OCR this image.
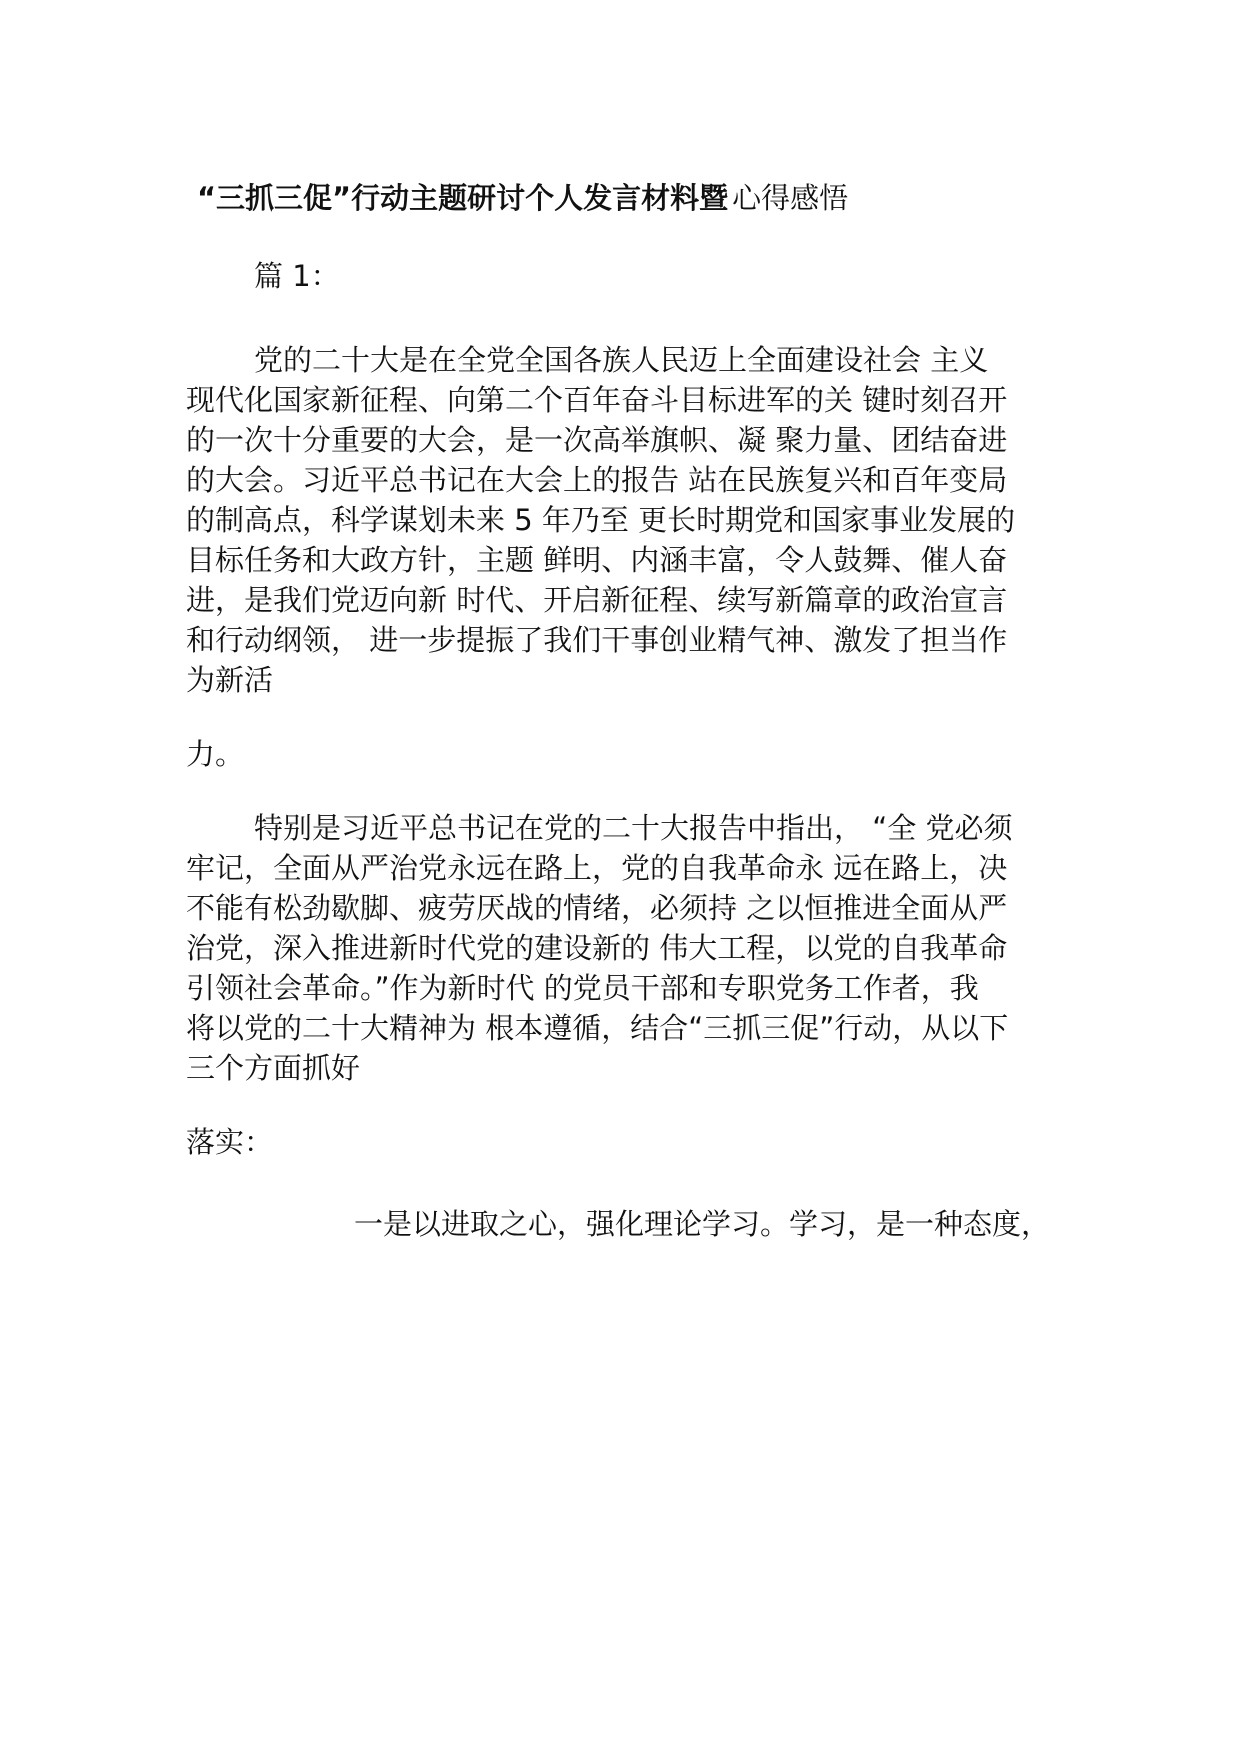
“三抓三促”行动主题研讨个人发言材料暨 心得感悟

篇 1：

党的二十大是在全党全国各族人民迈上全面建设社会 主义

现代化国家新征程、向第二个百年奋斗目标进军的关 键时刻召开

的一次十分重要的大会，是一次高举旗帜、凝 聚力量、团结奋进

的大会。习近平总书记在大会上的报告 站在民族复兴和百年变局

的制高点，科学谋划未来 5 年乃至 更长时期党和国家事业发展的

目标任务和大政方针，主题 鲜明、内涵丰富，令人鼓舞、催人奋

进，是我们党迈向新 时代、开启新征程、续写新篇章的政治宣言

和行动纲领， 进一步提振了我们干事创业精气神、激发了担当作

为新活

力。

特别是习近平总书记在党的二十大报告中指出， “全 党必须

牢记，全面从严治党永远在路上，党的自我革命永 远在路上，决

不能有松劲歇脚、疲劳厌战的情绪，必须持 之以恒推进全面从严

治党，深入推进新时代党的建设新的 伟大工程，以党的自我革命

引领社会革命。”作为新时代 的党员干部和专职党务工作者，我

将以党的二十大精神为 根本遵循，结合“三抓三促”行动，从以下

三个方面抓好

落实：

一是以进取之心，强化理论学习。学习，是一种态度，
